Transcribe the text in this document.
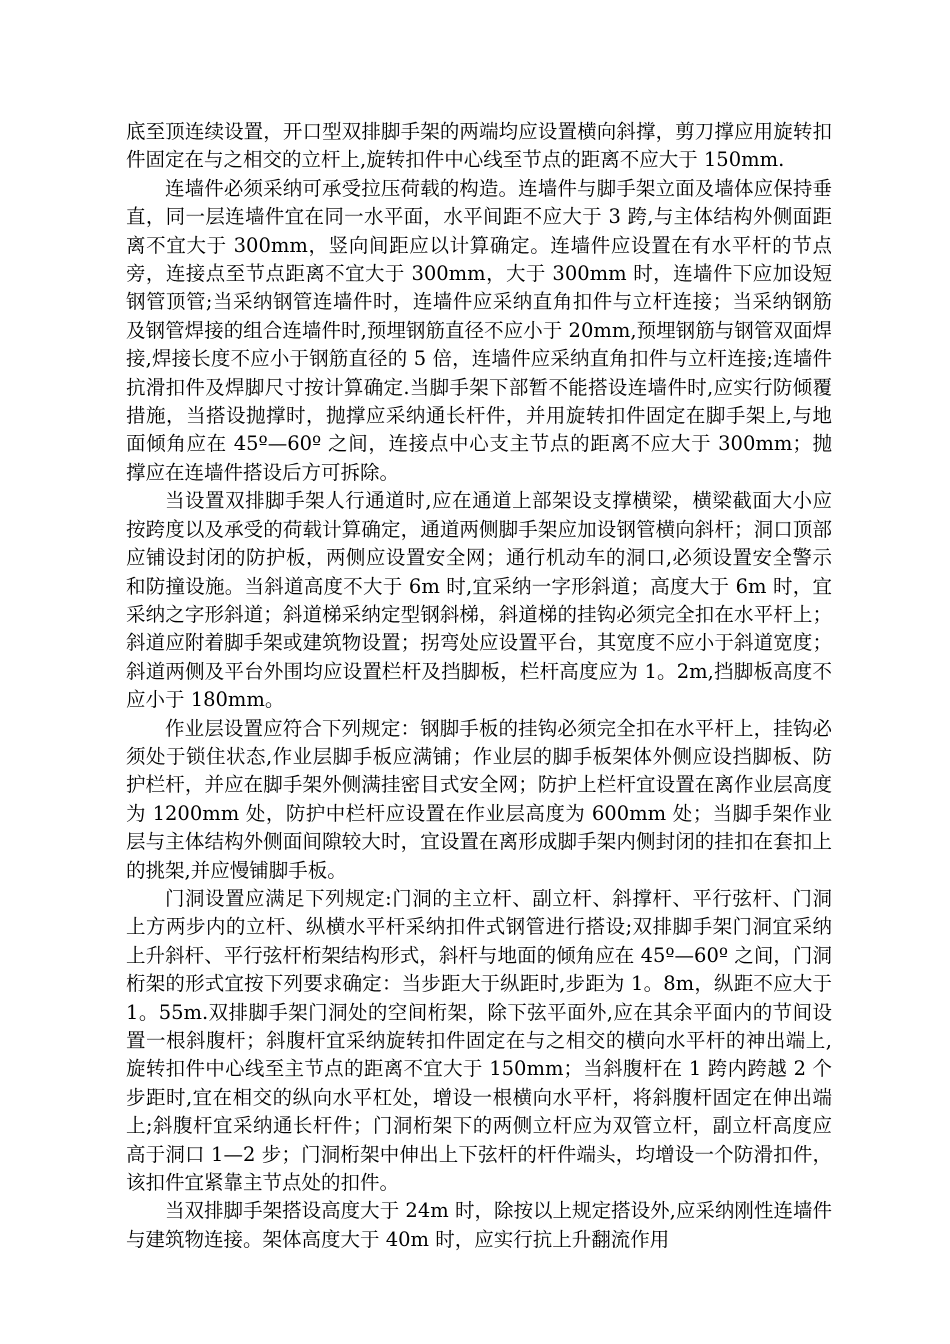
底至顶连续设置，开口型双排脚手架的两端均应设置横向斜撑，剪刀撑应用旋转扣件固定在与之相交的立杆上,旋转扣件中心线至节点的距离不应大于 150mm.

连墙件必须采纳可承受拉压荷载的构造。连墙件与脚手架立面及墙体应保持垂直，同一层连墙件宜在同一水平面，水平间距不应大于 3 跨,与主体结构外侧面距离不宜大于 300mm，竖向间距应以计算确定。连墙件应设置在有水平杆的节点旁，连接点至节点距离不宜大于 300mm，大于 300mm 时，连墙件下应加设短钢管顶管;当采纳钢管连墙件时，连墙件应采纳直角扣件与立杆连接；当采纳钢筋及钢管焊接的组合连墙件时,预埋钢筋直径不应小于 20mm,预埋钢筋与钢管双面焊接,焊接长度不应小于钢筋直径的 5 倍，连墙件应采纳直角扣件与立杆连接;连墙件抗滑扣件及焊脚尺寸按计算确定.当脚手架下部暂不能搭设连墙件时,应实行防倾覆措施，当搭设抛撑时，抛撑应采纳通长杆件，并用旋转扣件固定在脚手架上,与地面倾角应在 45º—60º 之间，连接点中心支主节点的距离不应大于 300mm；抛撑应在连墙件搭设后方可拆除。

当设置双排脚手架人行通道时,应在通道上部架设支撑横梁，横梁截面大小应按跨度以及承受的荷载计算确定，通道两侧脚手架应加设钢管横向斜杆；洞口顶部应铺设封闭的防护板，两侧应设置安全网；通行机动车的洞口,必须设置安全警示和防撞设施。当斜道高度不大于 6m 时,宜采纳一字形斜道；高度大于 6m 时，宜采纳之字形斜道；斜道梯采纳定型钢斜梯，斜道梯的挂钩必须完全扣在水平杆上；斜道应附着脚手架或建筑物设置；拐弯处应设置平台，其宽度不应小于斜道宽度；斜道两侧及平台外围均应设置栏杆及挡脚板，栏杆高度应为 1。2m,挡脚板高度不应小于 180mm。

作业层设置应符合下列规定：钢脚手板的挂钩必须完全扣在水平杆上，挂钩必须处于锁住状态,作业层脚手板应满铺；作业层的脚手板架体外侧应设挡脚板、防护栏杆，并应在脚手架外侧满挂密目式安全网；防护上栏杆宜设置在离作业层高度为 1200mm 处，防护中栏杆应设置在作业层高度为 600mm 处；当脚手架作业层与主体结构外侧面间隙较大时，宜设置在离形成脚手架内侧封闭的挂扣在套扣上的挑架,并应慢铺脚手板。

门洞设置应满足下列规定:门洞的主立杆、副立杆、斜撑杆、平行弦杆、门洞上方两步内的立杆、纵横水平杆采纳扣件式钢管进行搭设;双排脚手架门洞宜采纳上升斜杆、平行弦杆桁架结构形式，斜杆与地面的倾角应在 45º—60º 之间，门洞桁架的形式宜按下列要求确定：当步距大于纵距时,步距为 1。8m，纵距不应大于 1。55m.双排脚手架门洞处的空间桁架，除下弦平面外,应在其余平面内的节间设置一根斜腹杆；斜腹杆宜采纳旋转扣件固定在与之相交的横向水平杆的神出端上,旋转扣件中心线至主节点的距离不宜大于 150mm；当斜腹杆在 1 跨内跨越 2 个步距时,宜在相交的纵向水平杠处，增设一根横向水平杆，将斜腹杆固定在伸出端上;斜腹杆宜采纳通长杆件；门洞桁架下的两侧立杆应为双管立杆，副立杆高度应高于洞口 1—2 步；门洞桁架中伸出上下弦杆的杆件端头，均增设一个防滑扣件，该扣件宜紧靠主节点处的扣件。

当双排脚手架搭设高度大于 24m 时，除按以上规定搭设外,应采纳刚性连墙件与建筑物连接。架体高度大于 40m 时，应实行抗上升翻流作用
